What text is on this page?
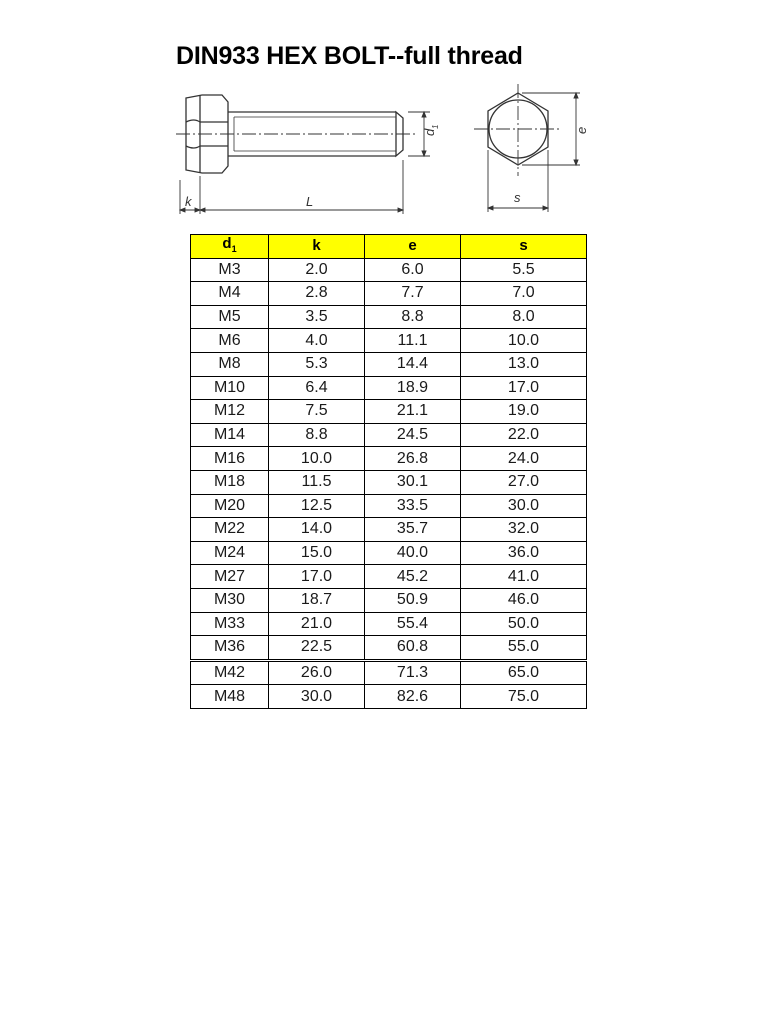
DIN933 HEX BOLT--full thread
k	L	s
d
1	e
$d_1$	k	e	s
M3	2.0	6.0	5.5
M4	2.8	7.7	7.0
M5	3.5	8.8	8.0
M6	4.0	11.1	10.0
M8	5.3	14.4	13.0
M10	6.4	18.9	17.0
M12	7.5	21.1	19.0
M14	8.8	24.5	22.0
M16	10.0	26.8	24.0
M18	11.5	30.1	27.0
M20	12.5	33.5	30.0
M22	14.0	35.7	32.0
M24	15.0	40.0	36.0
M27	17.0	45.2	41.0
M30	18.7	50.9	46.0
M33	21.0	55.4	50.0
M36	22.5	60.8	55.0
M42	26.0	71.3	65.0
M48	30.0	82.6	75.0
